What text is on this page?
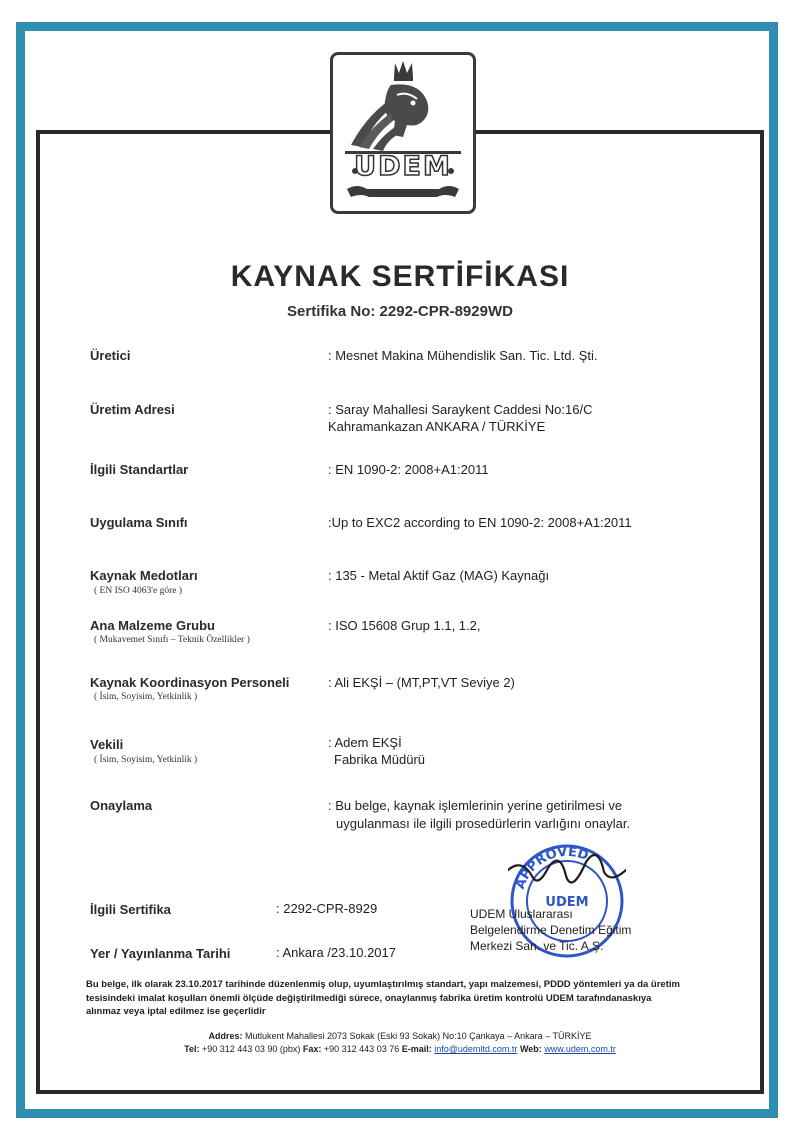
UDEM
KAYNAK SERTİFİKASI
Sertifika No: 2292-CPR-8929WD
Üretici	: Mesnet Makina Mühendislik San. Tic. Ltd. Şti.
Üretim Adresi	: Saray Mahallesi Saraykent Caddesi No:16/C
Kahramankazan ANKARA / TÜRKİYE
İlgili Standartlar	: EN 1090-2: 2008+A1:2011
Uygulama Sınıfı	:Up to EXC2 according to EN 1090-2: 2008+A1:2011
Kaynak Medotları
( EN ISO 4063'e göre )
: 135 - Metal Aktif Gaz (MAG) Kaynağı
Ana Malzeme Grubu
( Mukavemet Sınıfı – Teknik Özellikler )
: ISO 15608 Grup 1.1, 1.2,
Kaynak Koordinasyon Personeli
( İsim, Soyisim, Yetkinlik )
: Ali EKŞİ – (MT,PT,VT Seviye 2)
Vekili
( İsim, Soyisim, Yetkinlik )
: Adem EKŞİ
Fabrika Müdürü
Onaylama	: Bu belge, kaynak işlemlerinin yerine getirilmesi ve
uygulanması ile ilgili prosedürlerin varlığını onaylar.
İlgili Sertifika	: 2292-CPR-8929
Yer / Yayınlanma Tarihi	: Ankara /23.10.2017
APPROVED
UDEM
UDEM Uluslararası
Belgelendirme Denetim Eğitim
Merkezi San. ve Tic. A.Ş.
Bu belge, ilk olarak 23.10.2017 tarihinde düzenlenmiş olup, uyumlaştırılmış standart, yapı malzemesi, PDDD yöntemleri ya da üretim tesisindeki imalat koşulları önemli ölçüde değiştirilmediği sürece, onaylanmış fabrika üretim kontrolü UDEM tarafındanaskıya alınmaz veya iptal edilmez ise geçerlidir
Addres: Mutlukent Mahallesi 2073 Sokak (Eski 93 Sokak) No:10 Çankaya – Ankara – TÜRKİYE
Tel: +90 312 443 03 90 (pbx) Fax: +90 312 443 03 76 E-mail: info@udemltd.com.tr Web: www.udem.com.tr
